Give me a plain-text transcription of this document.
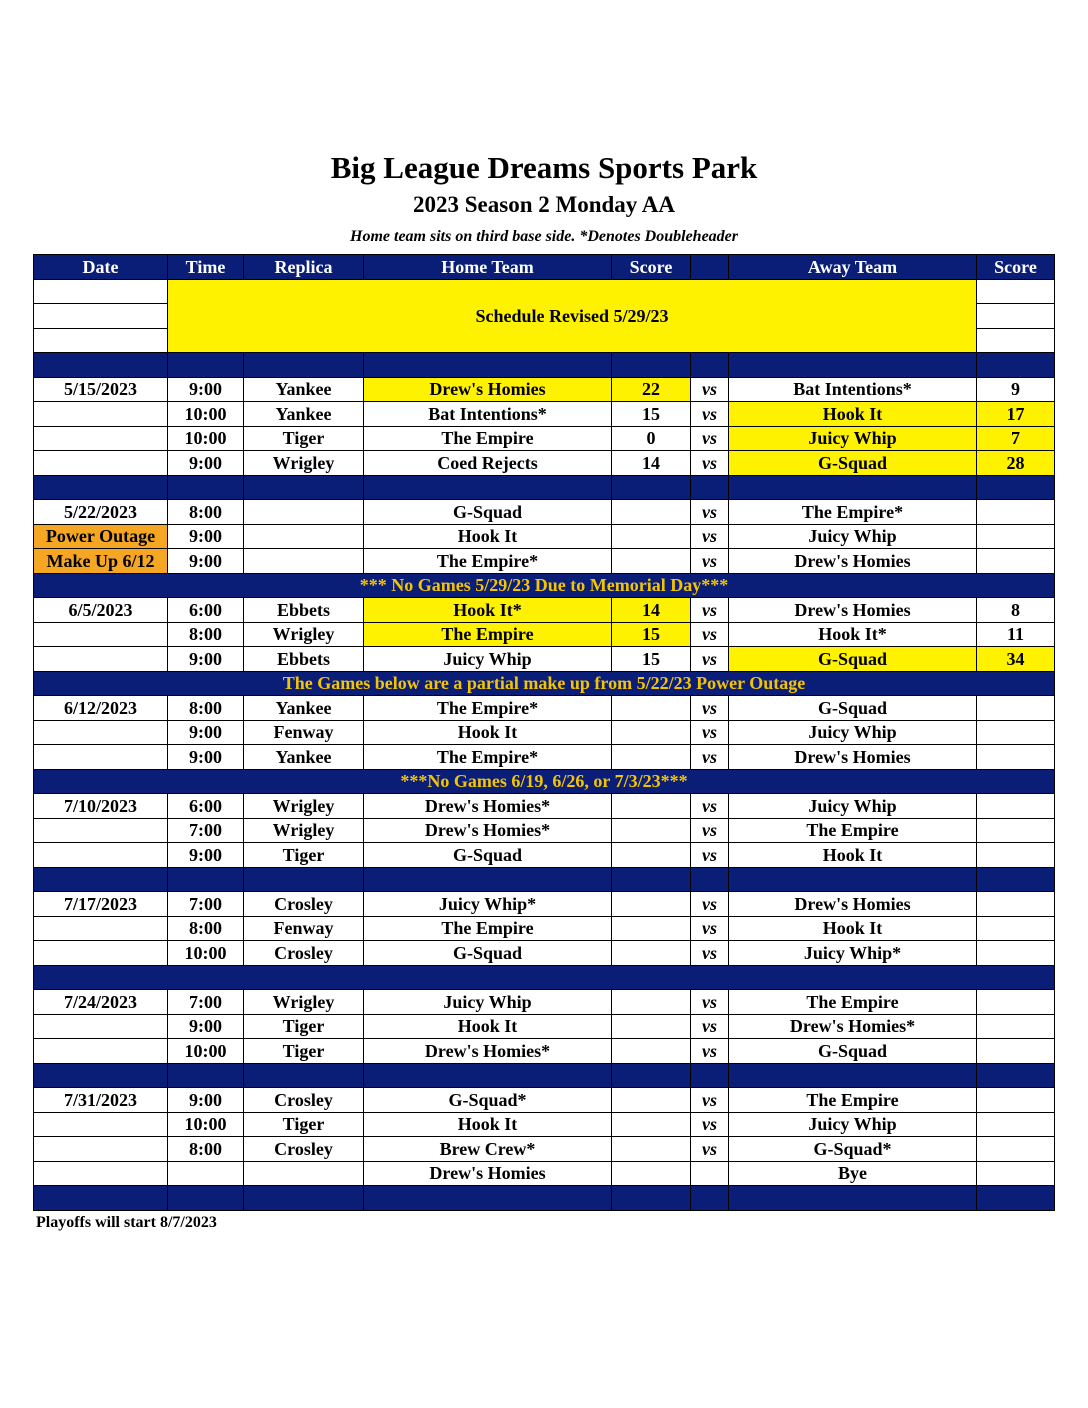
Big League Dreams Sports Park
2023 Season 2 Monday AA
Home team sits on third base side. *Denotes Doubleheader
Date	Time	Replica	Home Team	Score		Away Team	Score
	Schedule Revised 5/29/23						

5/15/2023	9:00	Yankee	Drew's Homies	22	vs	Bat Intentions*	9
	10:00	Yankee	Bat Intentions*	15	vs	Hook It	17
	10:00	Tiger	The Empire	0	vs	Juicy Whip	7
	9:00	Wrigley	Coed Rejects	14	vs	G-Squad	28

5/22/2023	8:00		G-Squad		vs	The Empire*	
Power Outage	9:00		Hook It		vs	Juicy Whip	
Make Up 6/12	9:00		The Empire*		vs	Drew's Homies	
*** No Games 5/29/23 Due to Memorial Day***							
6/5/2023	6:00	Ebbets	Hook It*	14	vs	Drew's Homies	8
	8:00	Wrigley	The Empire	15	vs	Hook It*	11
	9:00	Ebbets	Juicy Whip	15	vs	G-Squad	34
The Games below are a partial make up from 5/22/23 Power Outage							
6/12/2023	8:00	Yankee	The Empire*		vs	G-Squad	
	9:00	Fenway	Hook It		vs	Juicy Whip	
	9:00	Yankee	The Empire*		vs	Drew's Homies	
***No Games 6/19, 6/26, or 7/3/23***							
7/10/2023	6:00	Wrigley	Drew's Homies*		vs	Juicy Whip	
	7:00	Wrigley	Drew's Homies*		vs	The Empire	
	9:00	Tiger	G-Squad		vs	Hook It	

7/17/2023	7:00	Crosley	Juicy Whip*		vs	Drew's Homies	
	8:00	Fenway	The Empire		vs	Hook It	
	10:00	Crosley	G-Squad		vs	Juicy Whip*	

7/24/2023	7:00	Wrigley	Juicy Whip		vs	The Empire	
	9:00	Tiger	Hook It		vs	Drew's Homies*	
	10:00	Tiger	Drew's Homies*		vs	G-Squad	

7/31/2023	9:00	Crosley	G-Squad*		vs	The Empire	
	10:00	Tiger	Hook It		vs	Juicy Whip	
	8:00	Crosley	Brew Crew*		vs	G-Squad*	
			Drew's Homies			Bye	

Playoffs will start 8/7/2023
